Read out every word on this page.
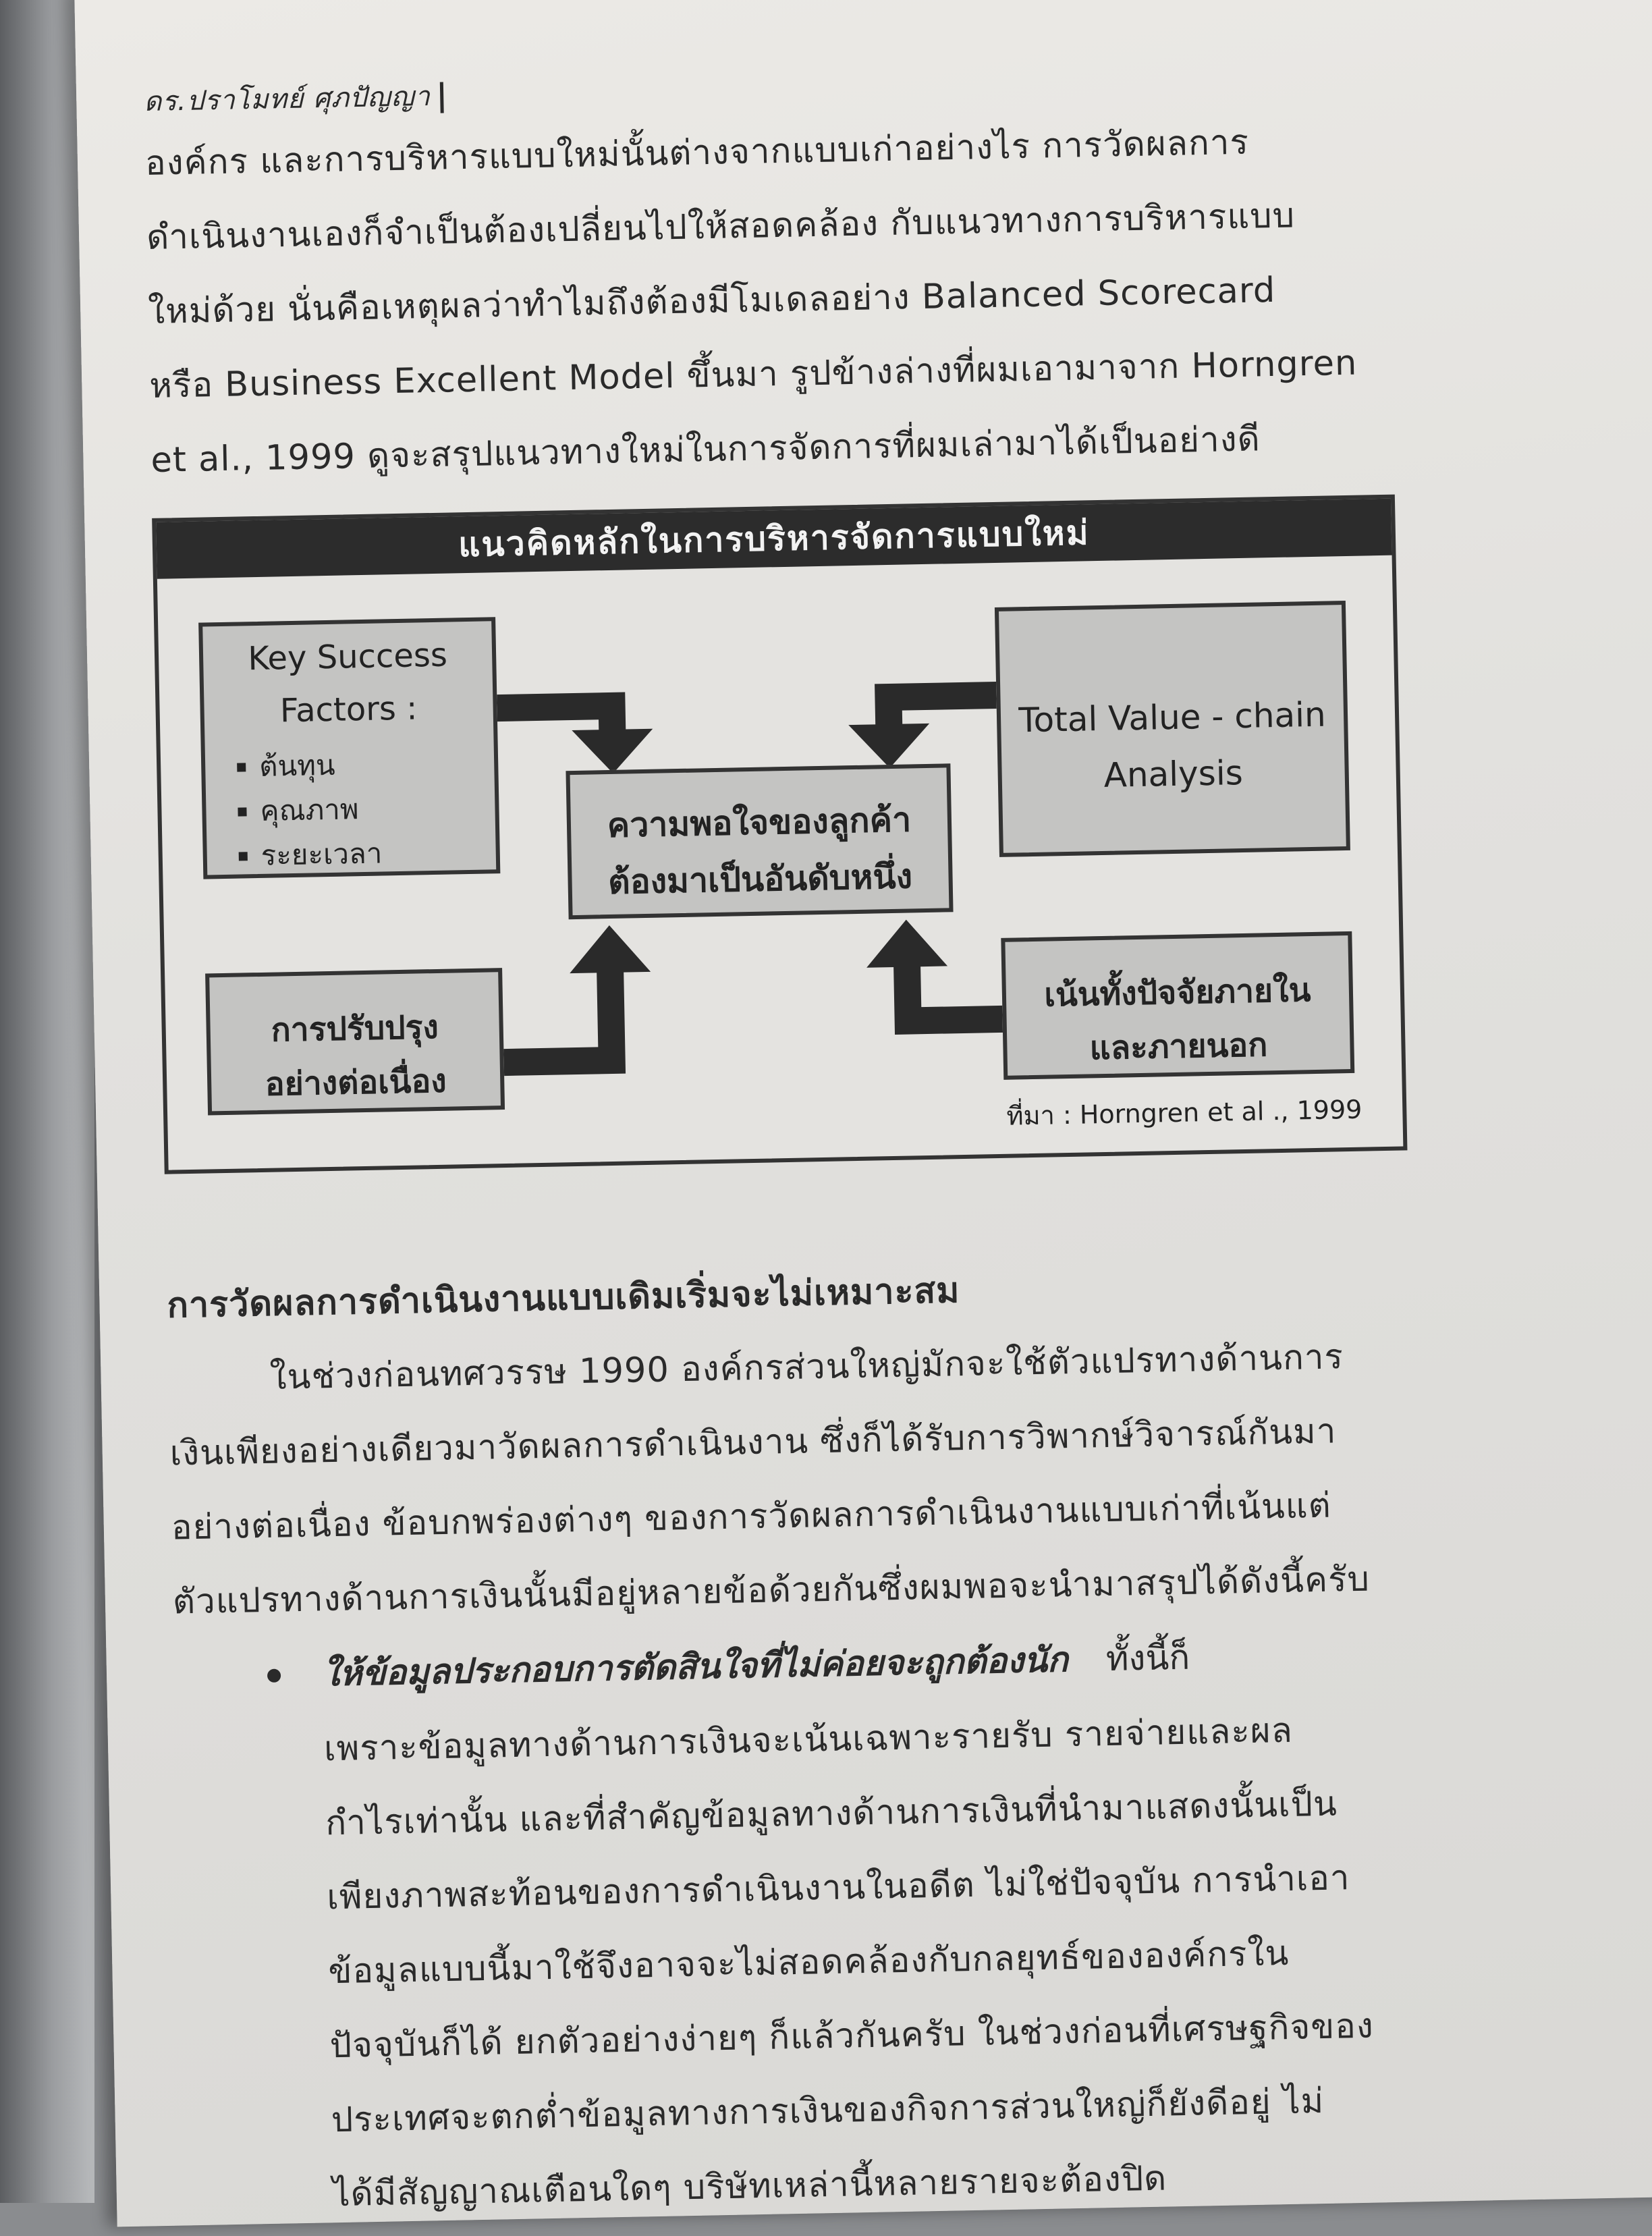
ดร.ปราโมทย์ ศุภปัญญา
องค์กร และการบริหารแบบใหม่นั้นต่างจากแบบเก่าอย่างไร การวัดผลการ
ดำเนินงานเองก็จำเป็นต้องเปลี่ยนไปให้สอดคล้อง กับแนวทางการบริหารแบบ
ใหม่ด้วย นั่นคือเหตุผลว่าทำไมถึงต้องมีโมเดลอย่าง Balanced Scorecard
หรือ Business Excellent Model ขึ้นมา รูปข้างล่างที่ผมเอามาจาก Horngren
et al., 1999 ดูจะสรุปแนวทางใหม่ในการจัดการที่ผมเล่ามาได้เป็นอย่างดี
แนวคิดหลักในการบริหารจัดการแบบใหม่
Key Success Factors :
▪ ต้นทุน
▪ คุณภาพ
▪ ระยะเวลา
Total Value - chain Analysis
ความพอใจของลูกค้า
ต้องมาเป็นอันดับหนึ่ง
การปรับปรุง
อย่างต่อเนื่อง
เน้นทั้งปัจจัยภายใน
และภายนอก
ที่มา : Horngren et al ., 1999
การวัดผลการดำเนินงานแบบเดิมเริ่มจะไม่เหมาะสม
ในช่วงก่อนทศวรรษ 1990 องค์กรส่วนใหญ่มักจะใช้ตัวแปรทางด้านการ
เงินเพียงอย่างเดียวมาวัดผลการดำเนินงาน ซึ่งก็ได้รับการวิพากษ์วิจารณ์กันมา
อย่างต่อเนื่อง ข้อบกพร่องต่างๆ ของการวัดผลการดำเนินงานแบบเก่าที่เน้นแต่
ตัวแปรทางด้านการเงินนั้นมีอยู่หลายข้อด้วยกันซึ่งผมพอจะนำมาสรุปได้ดังนี้ครับ
ให้ข้อมูลประกอบการตัดสินใจที่ไม่ค่อยจะถูกต้องนัก ทั้งนี้ก็
เพราะข้อมูลทางด้านการเงินจะเน้นเฉพาะรายรับ รายจ่ายและผล
กำไรเท่านั้น และที่สำคัญข้อมูลทางด้านการเงินที่นำมาแสดงนั้นเป็น
เพียงภาพสะท้อนของการดำเนินงานในอดีต ไม่ใช่ปัจจุบัน การนำเอา
ข้อมูลแบบนี้มาใช้จึงอาจจะไม่สอดคล้องกับกลยุทธ์ขององค์กรใน
ปัจจุบันก็ได้ ยกตัวอย่างง่ายๆ ก็แล้วกันครับ ในช่วงก่อนที่เศรษฐกิจของ
ประเทศจะตกต่ำข้อมูลทางการเงินของกิจการส่วนใหญ่ก็ยังดีอยู่ ไม่
ได้มีสัญญาณเตือนใดๆ บริษัทเหล่านี้หลายรายจะต้องปิด
